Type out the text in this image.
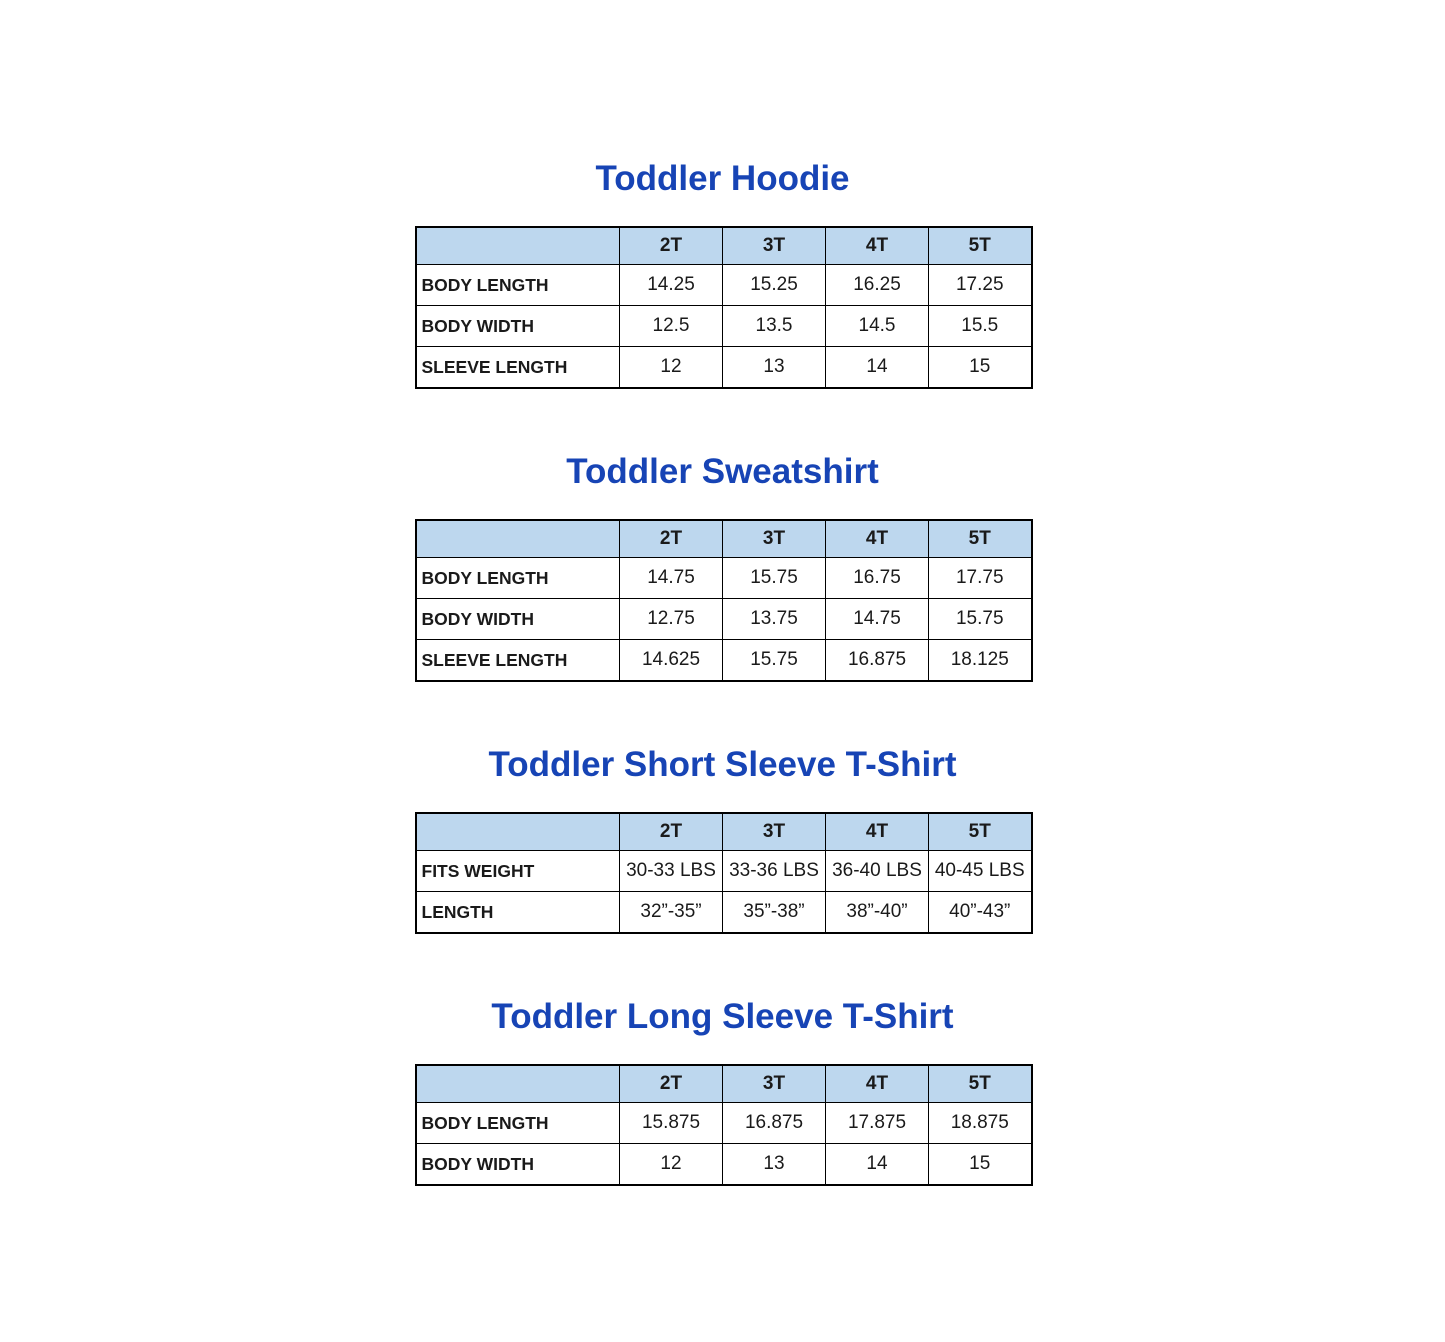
Toddler Hoodie
	2T	3T	4T	5T
BODY LENGTH	14.25	15.25	16.25	17.25
BODY WIDTH	12.5	13.5	14.5	15.5
SLEEVE LENGTH	12	13	14	15
Toddler Sweatshirt
	2T	3T	4T	5T
BODY LENGTH	14.75	15.75	16.75	17.75
BODY WIDTH	12.75	13.75	14.75	15.75
SLEEVE LENGTH	14.625	15.75	16.875	18.125
Toddler Short Sleeve T-Shirt
	2T	3T	4T	5T
FITS WEIGHT	30-33 LBS	33-36 LBS	36-40 LBS	40-45 LBS
LENGTH	32”-35”	35”-38”	38”-40”	40”-43”
Toddler Long Sleeve T-Shirt
	2T	3T	4T	5T
BODY LENGTH	15.875	16.875	17.875	18.875
BODY WIDTH	12	13	14	15
